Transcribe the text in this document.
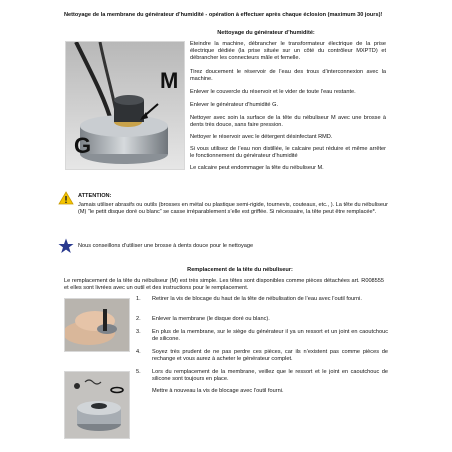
Nettoyage de la membrane du générateur d’humidité - opération à effectuer après chaque éclosion (maximum 30 jours)!
Nettoyage du générateur d’humidité:
M
G
Eteindre la machine, débrancher le transformateur électrique de la prise électrique dédiée (la prise située sur un côté du contrôleur MXPTD) et débrancher les connecteurs mâle et femelle.
Tirez doucement le réservoir de l’eau des trous d’interconnexion avec la machine.
Enlever le couvercle du réservoir et le vider de toute l’eau restante.
Enlever le générateur d’humidité G.
Nettoyer avec soin la surface de la tête du nébuliseur M avec une brosse à dents très douce, sans faire pression.
Nettoyer le réservoir avec le détergent désinfectant RMD.
Si vous utilisez de l’eau non distillée, le calcaire peut réduire et même arrêter le fonctionnement du générateur d’humidité
Le calcaire peut endommager la tête du nébuliseur M.
ATTENTION:
Jamais utiliser abrasifs ou outils (brosses en métal ou plastique semi-rigide, tournevis, couteaux, etc., ). La tête du nébuliseur (M) “le petit disque doré ou blanc” se casse irréparablement s’elle est griffée. Si nécessaire, la tête peut être remplacée*.
Nous conseillons d’utiliser une brosse à dents douce pour le nettoyage
Remplacement de la tête du nébuliseur:
Le remplacement de la tête du nébuliseur (M) est très simple. Les têtes sont disponibles comme pièces détachées art. R008555 et elles sont livrées avec un outil et des instructions pour le remplacement.
1.	Retirer la vis de blocage du haut de la tête de nébulisation de l’eau avec l’outil fourni.
2.	Enlever la membrane (le disque doré ou blanc).
3.	En plus de la membrane, sur le siège du générateur il ya un ressort et un joint en caoutchouc de silicone.
4.	Soyez très prudent de ne pas perdre ces pièces, car ils n’existent pas comme pièces de rechange et vous aurez à acheter le générateur complet.
5.	Lors du remplacement de la membrane, veillez que le ressort et le joint en caoutchouc de silicone sont toujours en place.
Mettre à nouveau la vis de blocage avec l’outil fourni.
